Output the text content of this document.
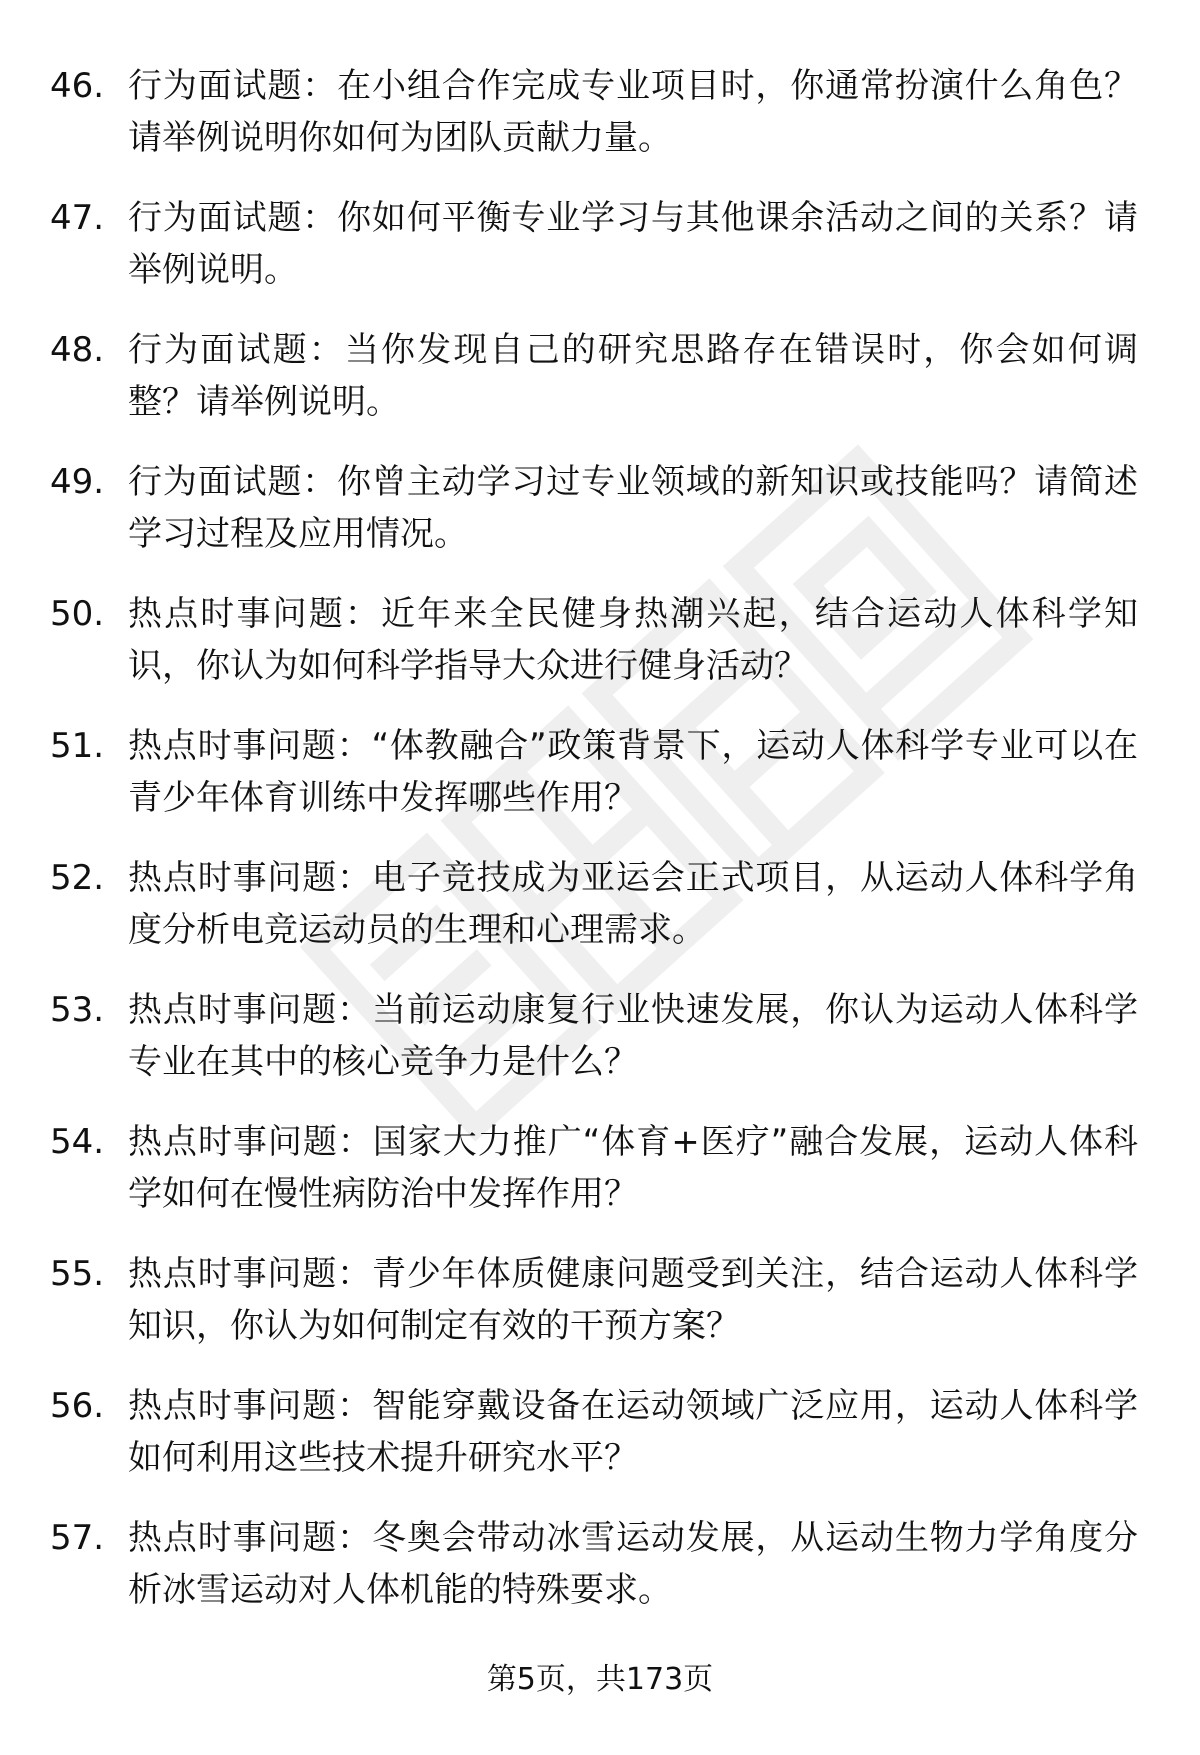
46. 行为面试题：在小组合作完成专业项目时，你通常扮演什么角色？请举例说明你如何为团队贡献力量。
47. 行为面试题：你如何平衡专业学习与其他课余活动之间的关系？请举例说明。
48. 行为面试题：当你发现自己的研究思路存在错误时，你会如何调整？请举例说明。
49. 行为面试题：你曾主动学习过专业领域的新知识或技能吗？请简述学习过程及应用情况。
50. 热点时事问题：近年来全民健身热潮兴起，结合运动人体科学知识，你认为如何科学指导大众进行健身活动？
51. 热点时事问题：“体教融合”政策背景下，运动人体科学专业可以在青少年体育训练中发挥哪些作用？
52. 热点时事问题：电子竞技成为亚运会正式项目，从运动人体科学角度分析电竞运动员的生理和心理需求。
53. 热点时事问题：当前运动康复行业快速发展，你认为运动人体科学专业在其中的核心竞争力是什么？
54. 热点时事问题：国家大力推广“体育+医疗”融合发展，运动人体科学如何在慢性病防治中发挥作用？
55. 热点时事问题：青少年体质健康问题受到关注，结合运动人体科学知识，你认为如何制定有效的干预方案？
56. 热点时事问题：智能穿戴设备在运动领域广泛应用，运动人体科学如何利用这些技术提升研究水平？
57. 热点时事问题：冬奥会带动冰雪运动发展，从运动生物力学角度分析冰雪运动对人体机能的特殊要求。
第5页，共173页
